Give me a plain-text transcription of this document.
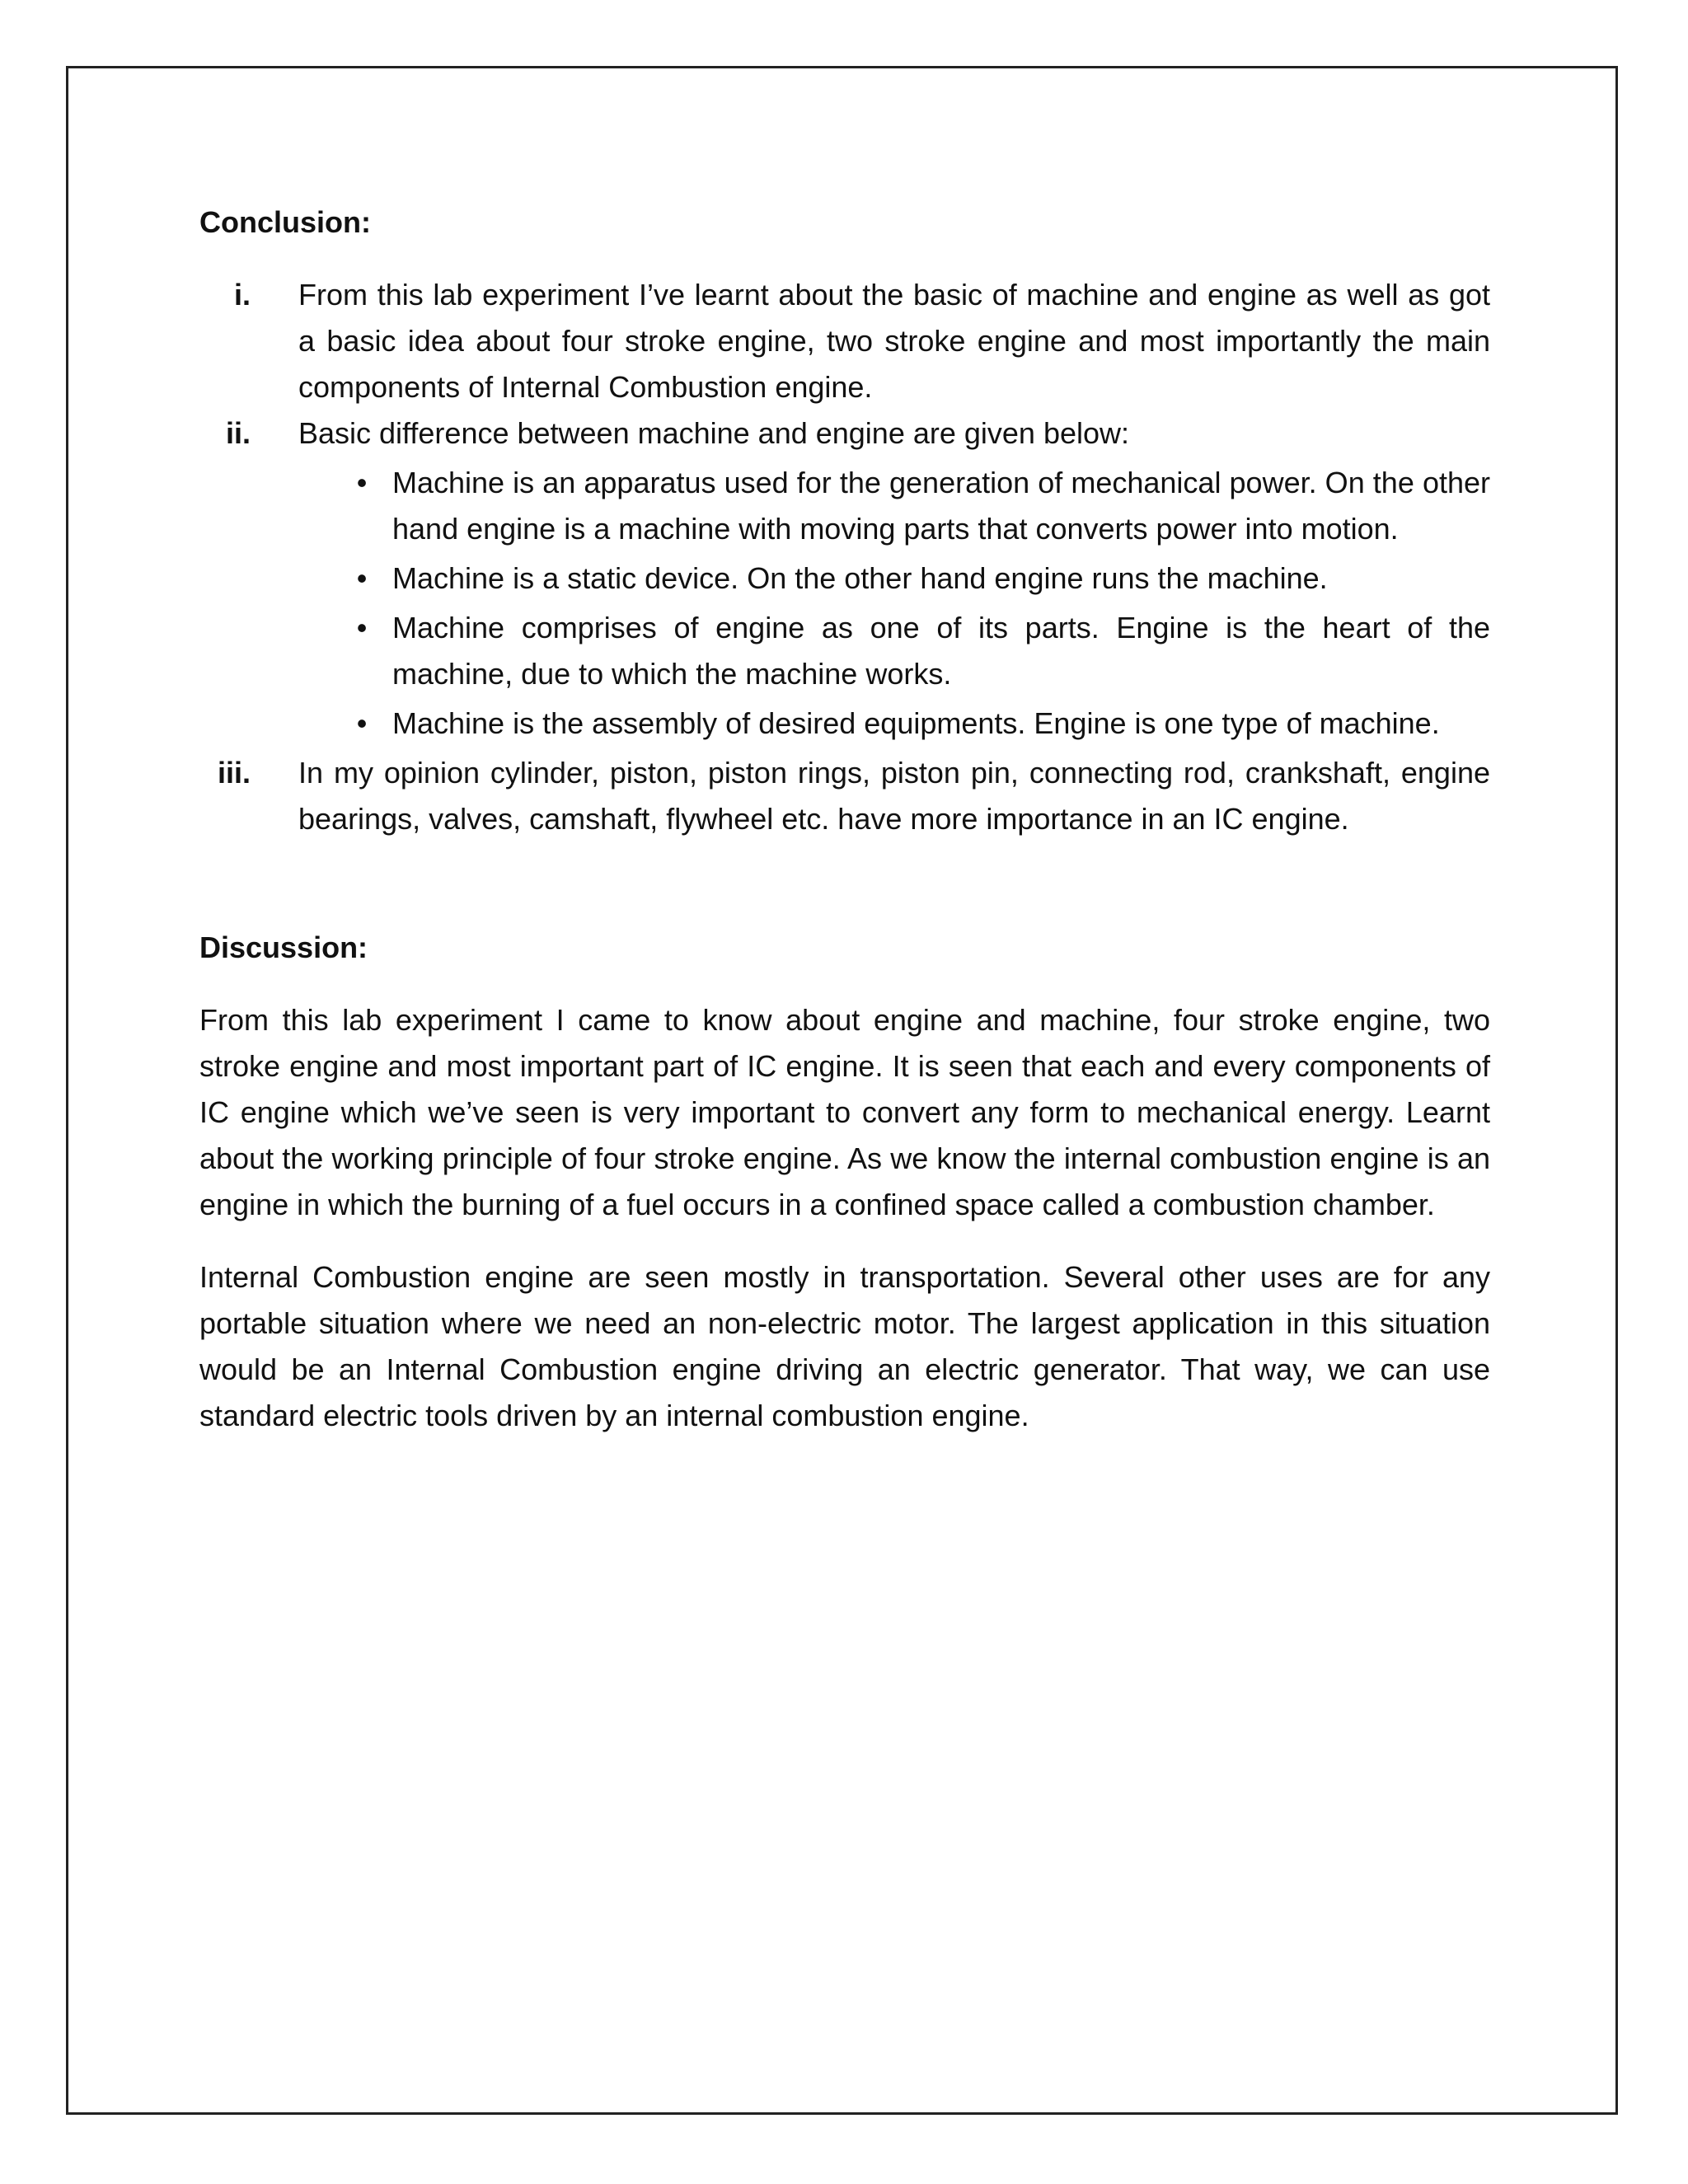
Conclusion:

i. From this lab experiment I’ve learnt about the basic of machine and engine as well as got a basic idea about four stroke engine, two stroke engine and most importantly the main components of Internal Combustion engine.
ii. Basic difference between machine and engine are given below:
• Machine is an apparatus used for the generation of mechanical power. On the other hand engine is a machine with moving parts that converts power into motion.
• Machine is a static device. On the other hand engine runs the machine.
• Machine comprises of engine as one of its parts. Engine is the heart of the machine, due to which the machine works.
• Machine is the assembly of desired equipments. Engine is one type of machine.
iii. In my opinion cylinder, piston, piston rings, piston pin, connecting rod, crankshaft, engine bearings, valves, camshaft, flywheel etc. have more importance in an IC engine.

Discussion:

From this lab experiment I came to know about engine and machine, four stroke engine, two stroke engine and most important part of IC engine. It is seen that each and every components of IC engine which we’ve seen is very important to convert any form to mechanical energy. Learnt about the working principle of four stroke engine. As we know the internal combustion engine is an engine in which the burning of a fuel occurs in a confined space called a combustion chamber.

Internal Combustion engine are seen mostly in transportation. Several other uses are for any portable situation where we need an non-electric motor. The largest application in this situation would be an Internal Combustion engine driving an electric generator. That way, we can use standard electric tools driven by an internal combustion engine.
